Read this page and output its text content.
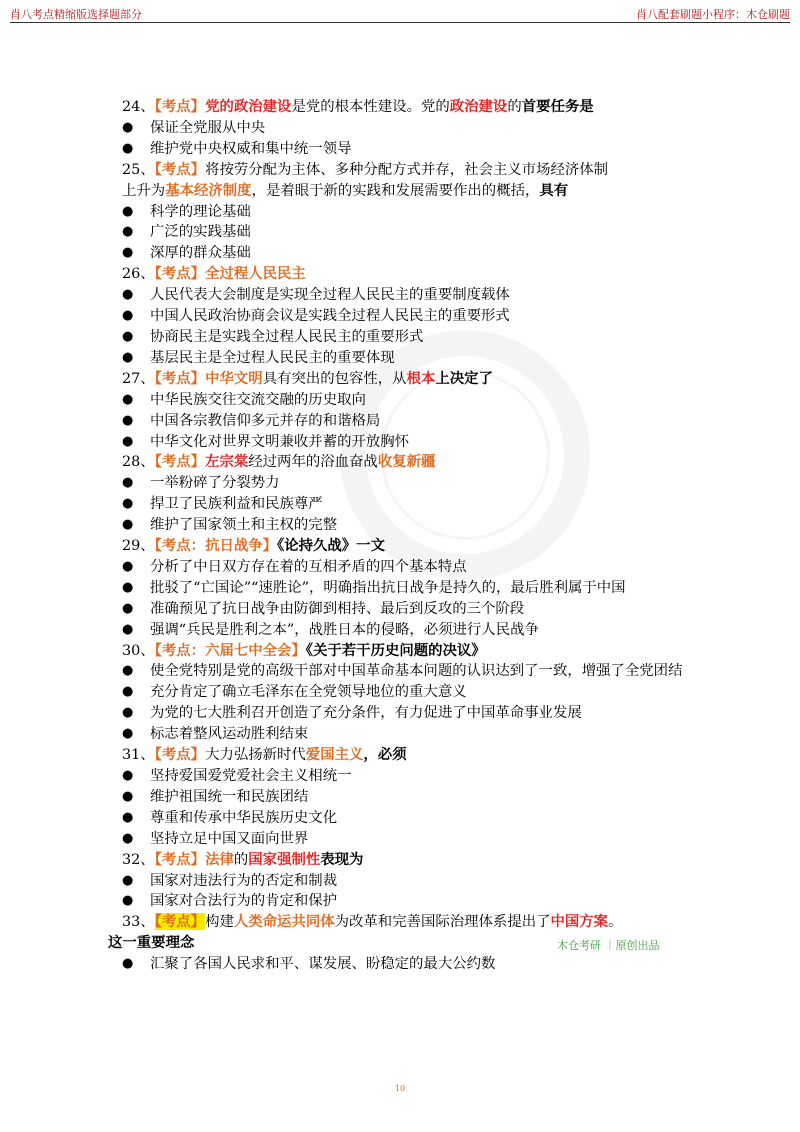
肖八考点精缩版选择题部分	肖八配套刷题小程序：木仓刷题
24、【考点】党的政治建设是党的根本性建设。党的政治建设的首要任务是
● 保证全党服从中央
● 维护党中央权威和集中统一领导
25、【考点】将按劳分配为主体、多种分配方式并存，社会主义市场经济体制
上升为基本经济制度，是着眼于新的实践和发展需要作出的概括，具有
● 科学的理论基础
● 广泛的实践基础
● 深厚的群众基础
26、【考点】全过程人民民主
● 人民代表大会制度是实现全过程人民民主的重要制度载体
● 中国人民政治协商会议是实践全过程人民民主的重要形式
● 协商民主是实践全过程人民民主的重要形式
● 基层民主是全过程人民民主的重要体现
27、【考点】中华文明具有突出的包容性，从根本上决定了
● 中华民族交往交流交融的历史取向
● 中国各宗教信仰多元并存的和谐格局
● 中华文化对世界文明兼收并蓄的开放胸怀
28、【考点】左宗棠经过两年的浴血奋战收复新疆
● 一举粉碎了分裂势力
● 捍卫了民族利益和民族尊严
● 维护了国家领土和主权的完整
29、【考点：抗日战争】《论持久战》一文
● 分析了中日双方存在着的互相矛盾的四个基本特点
● 批驳了“亡国论”“速胜论”，明确指出抗日战争是持久的，最后胜利属于中国
● 准确预见了抗日战争由防御到相持、最后到反攻的三个阶段
● 强调“兵民是胜利之本”，战胜日本的侵略，必须进行人民战争
30、【考点：六届七中全会】《关于若干历史问题的决议》
● 使全党特别是党的高级干部对中国革命基本问题的认识达到了一致，增强了全党团结
● 充分肯定了确立毛泽东在全党领导地位的重大意义
● 为党的七大胜利召开创造了充分条件，有力促进了中国革命事业发展
● 标志着整风运动胜利结束
31、【考点】大力弘扬新时代爱国主义，必须
● 坚持爱国爱党爱社会主义相统一
● 维护祖国统一和民族团结
● 尊重和传承中华民族历史文化
● 坚持立足中国又面向世界
32、【考点】法律的国家强制性表现为
● 国家对违法行为的否定和制裁
● 国家对合法行为的肯定和保护
33、【考点】构建人类命运共同体为改革和完善国际治理体系提出了中国方案。
这一重要理念
● 汇聚了各国人民求和平、谋发展、盼稳定的最大公约数
木仓考研 ｜原创出品
10
